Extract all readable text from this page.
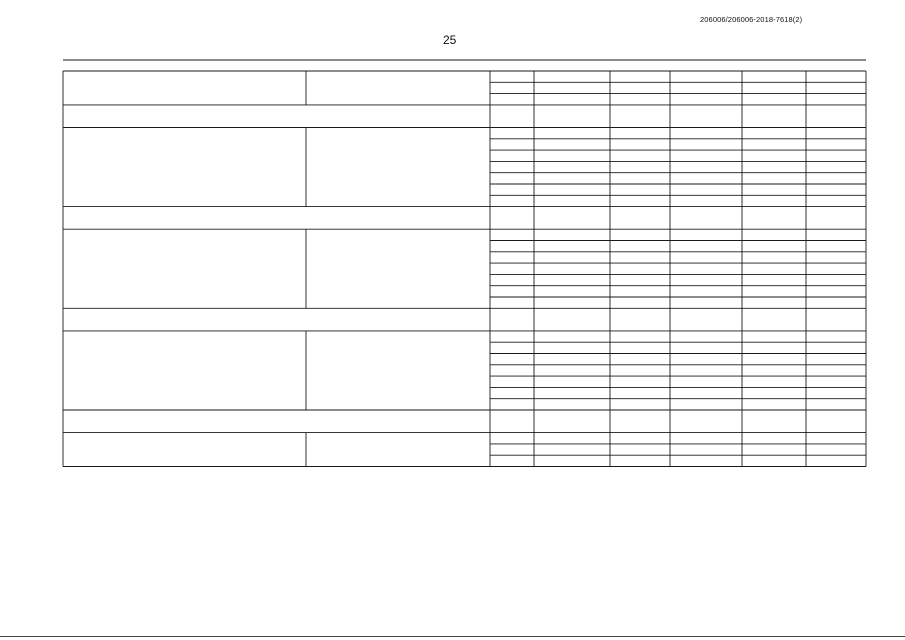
206006/206006-2018-7618(2)
25
